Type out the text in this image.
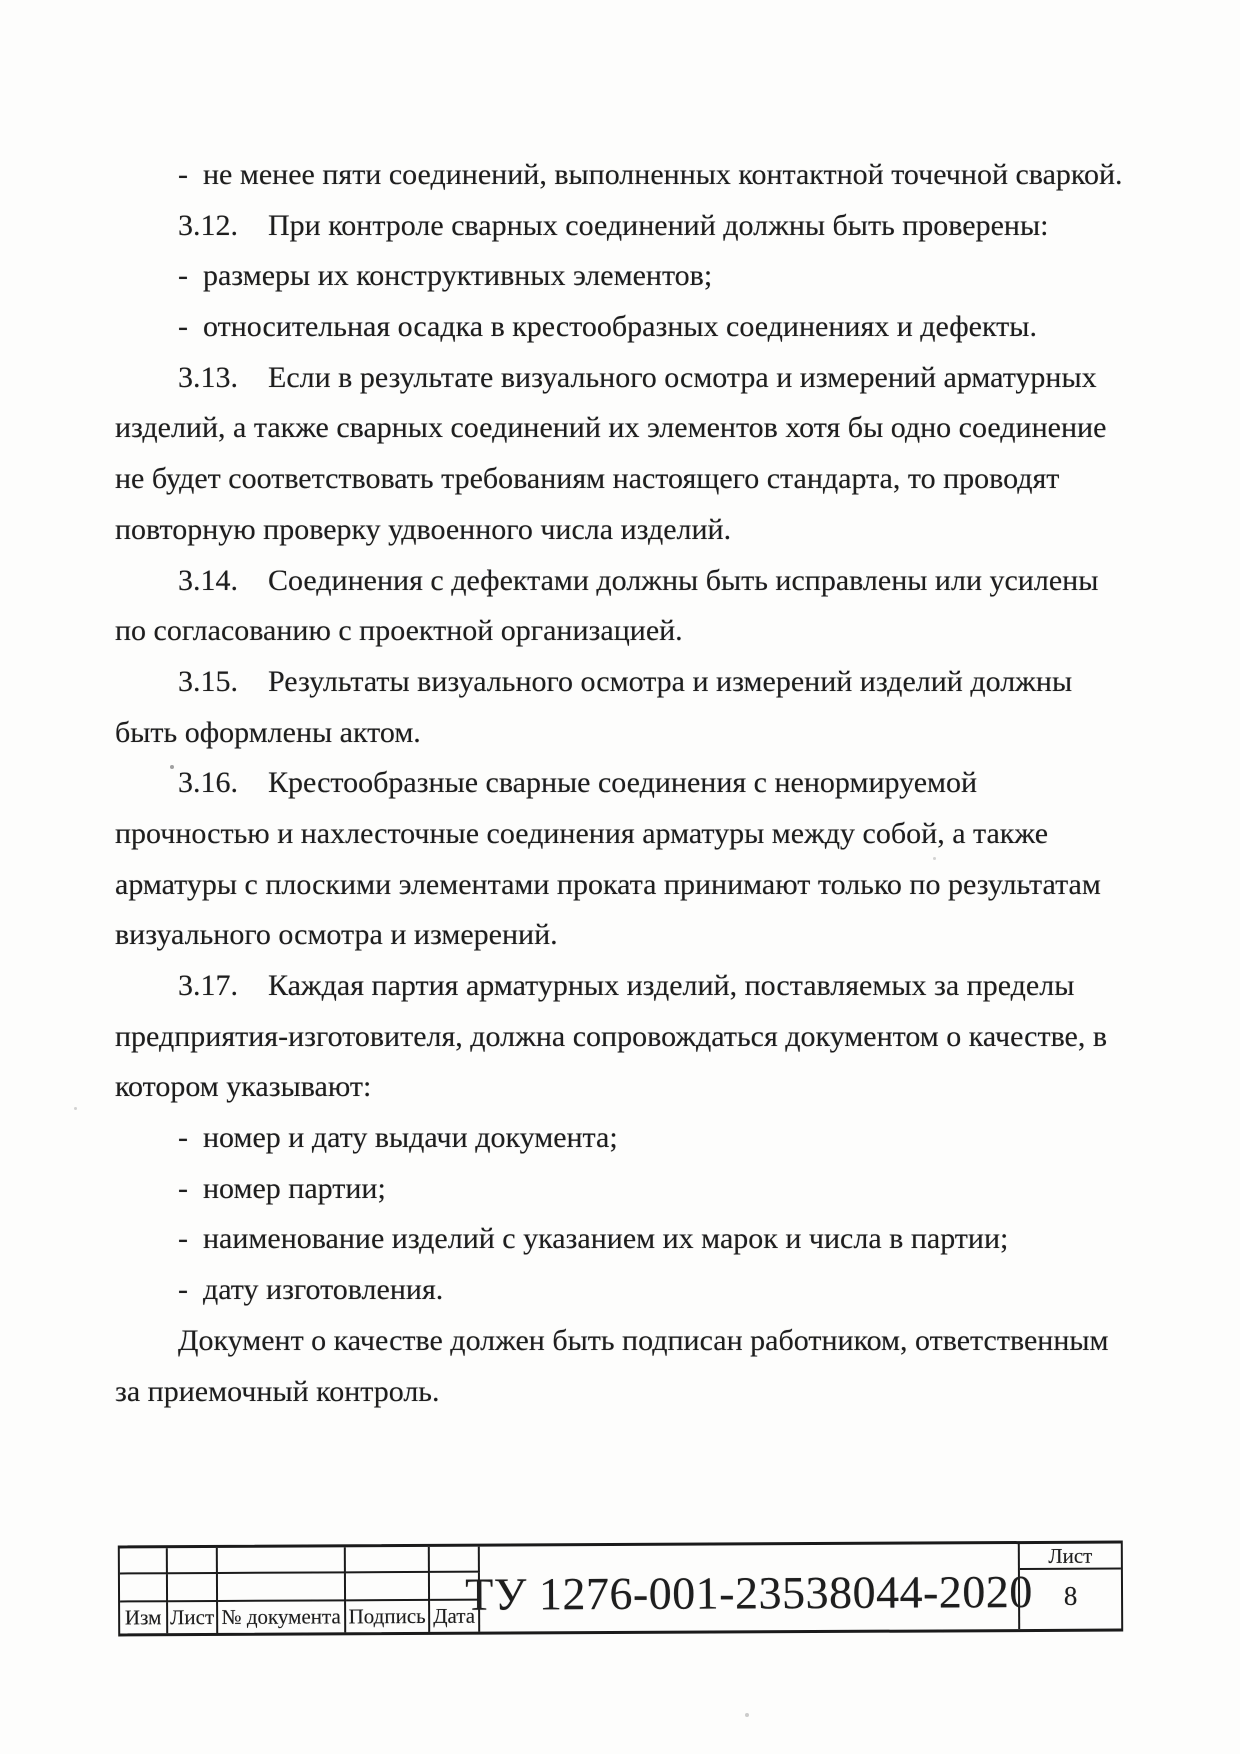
-  не менее пяти соединений, выполненных контактной точечной сваркой.
3.12.    При контроле сварных соединений должны быть проверены:
-  размеры их конструктивных элементов;
-  относительная осадка в крестообразных соединениях и дефекты.
3.13.    Если в результате визуального осмотра и измерений арматурных
изделий, а также сварных соединений их элементов хотя бы одно соединение
не будет соответствовать требованиям настоящего стандарта, то проводят
повторную проверку удвоенного числа изделий.
3.14.    Соединения с дефектами должны быть исправлены или усилены
по согласованию с проектной организацией.
3.15.    Результаты визуального осмотра и измерений изделий должны
быть оформлены актом.
3.16.    Крестообразные сварные соединения с ненормируемой
прочностью и нахлесточные соединения арматуры между собой, а также
арматуры с плоскими элементами проката принимают только по результатам
визуального осмотра и измерений.
3.17.    Каждая партия арматурных изделий, поставляемых за пределы
предприятия-изготовителя, должна сопровождаться документом о качестве, в
котором указывают:
-  номер и дату выдачи документа;
-  номер партии;
-  наименование изделий с указанием их марок и числа в партии;
-  дату изготовления.
Документ о качестве должен быть подписан работником, ответственным
за приемочный контроль.
Изм Лист № документа Подпись Дата
ТУ 1276-001-23538044-2020
Лист
8
